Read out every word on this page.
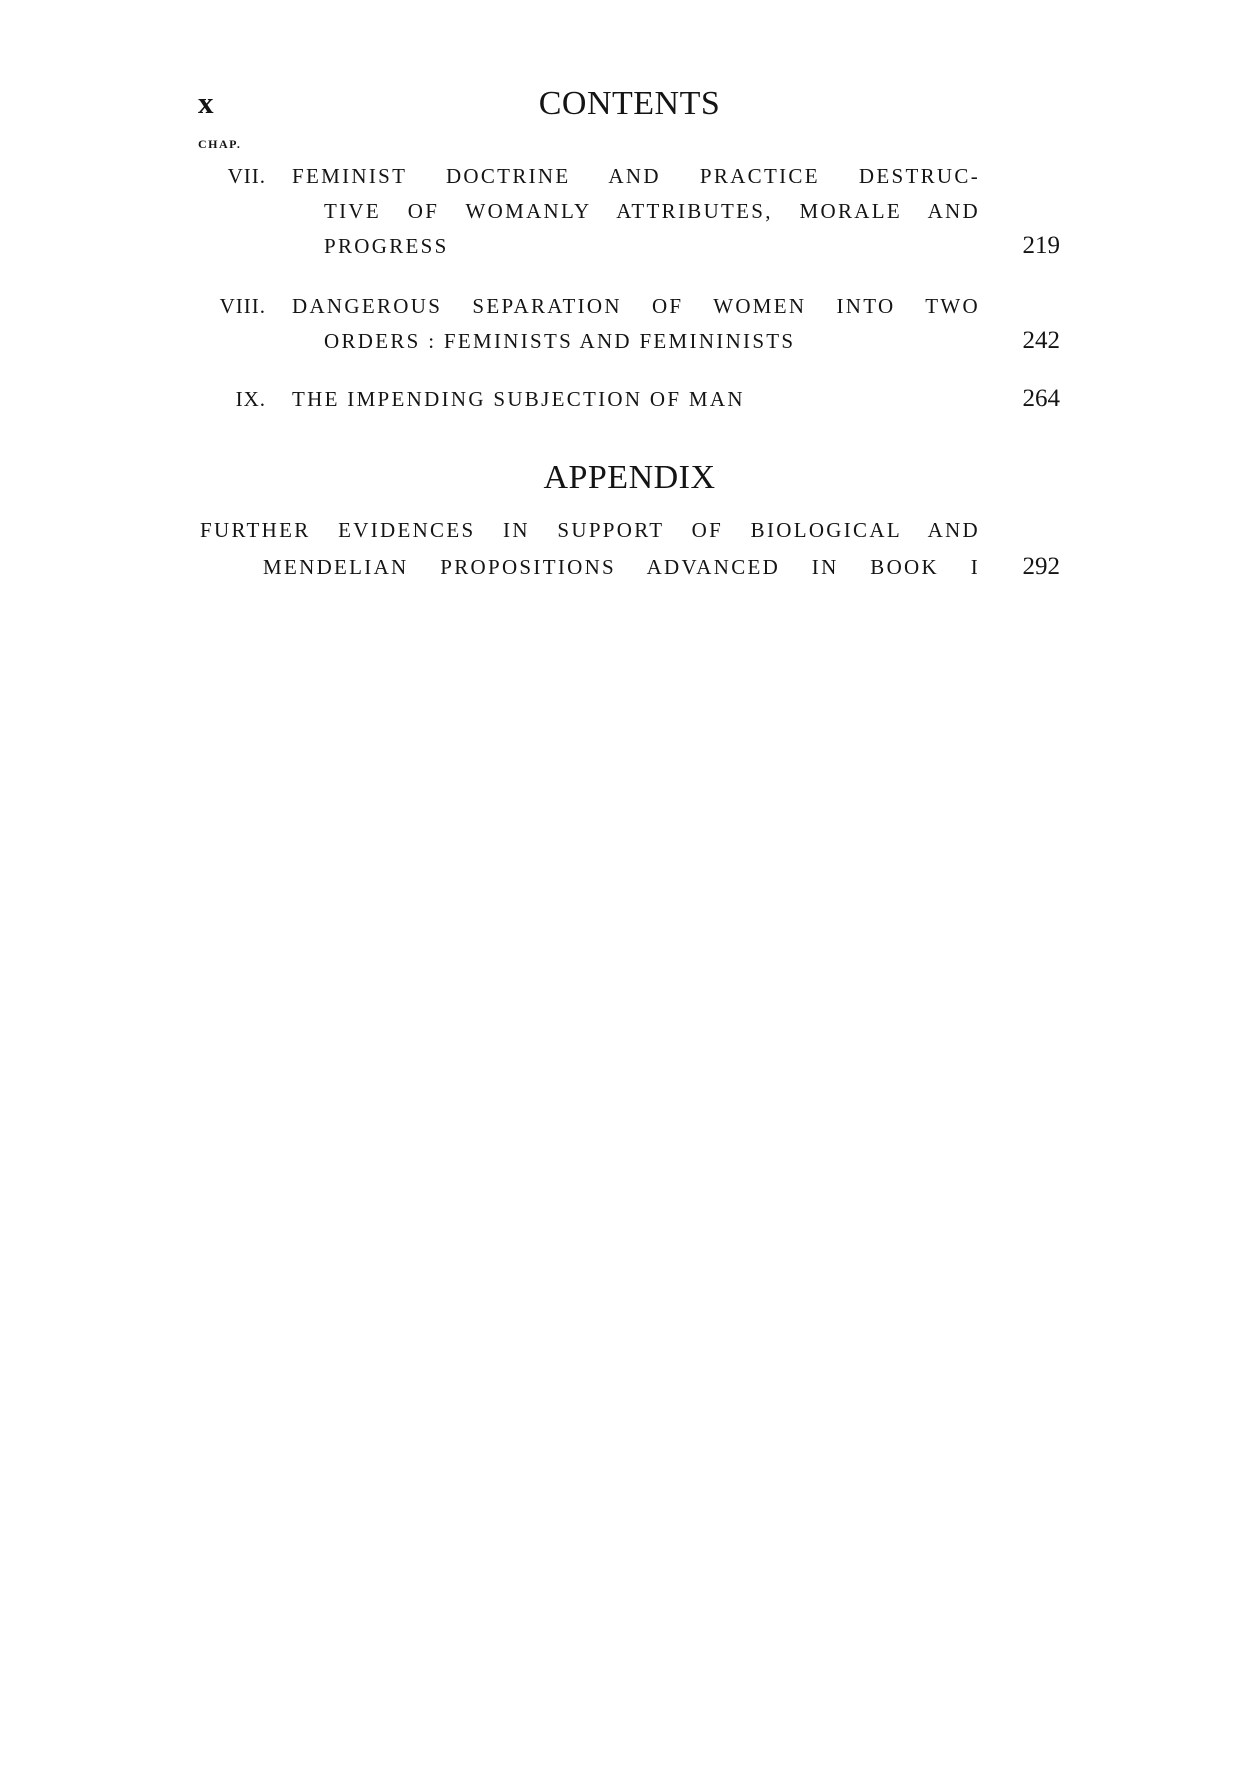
x	CONTENTS
CHAP.
VII. FEMINIST DOCTRINE AND PRACTICE DESTRUC-
TIVE OF WOMANLY ATTRIBUTES, MORALE AND
PROGRESS	219
VIII. DANGEROUS SEPARATION OF WOMEN INTO TWO
ORDERS : FEMINISTS AND FEMININISTS	242
IX. THE IMPENDING SUBJECTION OF MAN	264
APPENDIX
FURTHER EVIDENCES IN SUPPORT OF BIOLOGICAL AND
MENDELIAN PROPOSITIONS ADVANCED IN BOOK I	292
